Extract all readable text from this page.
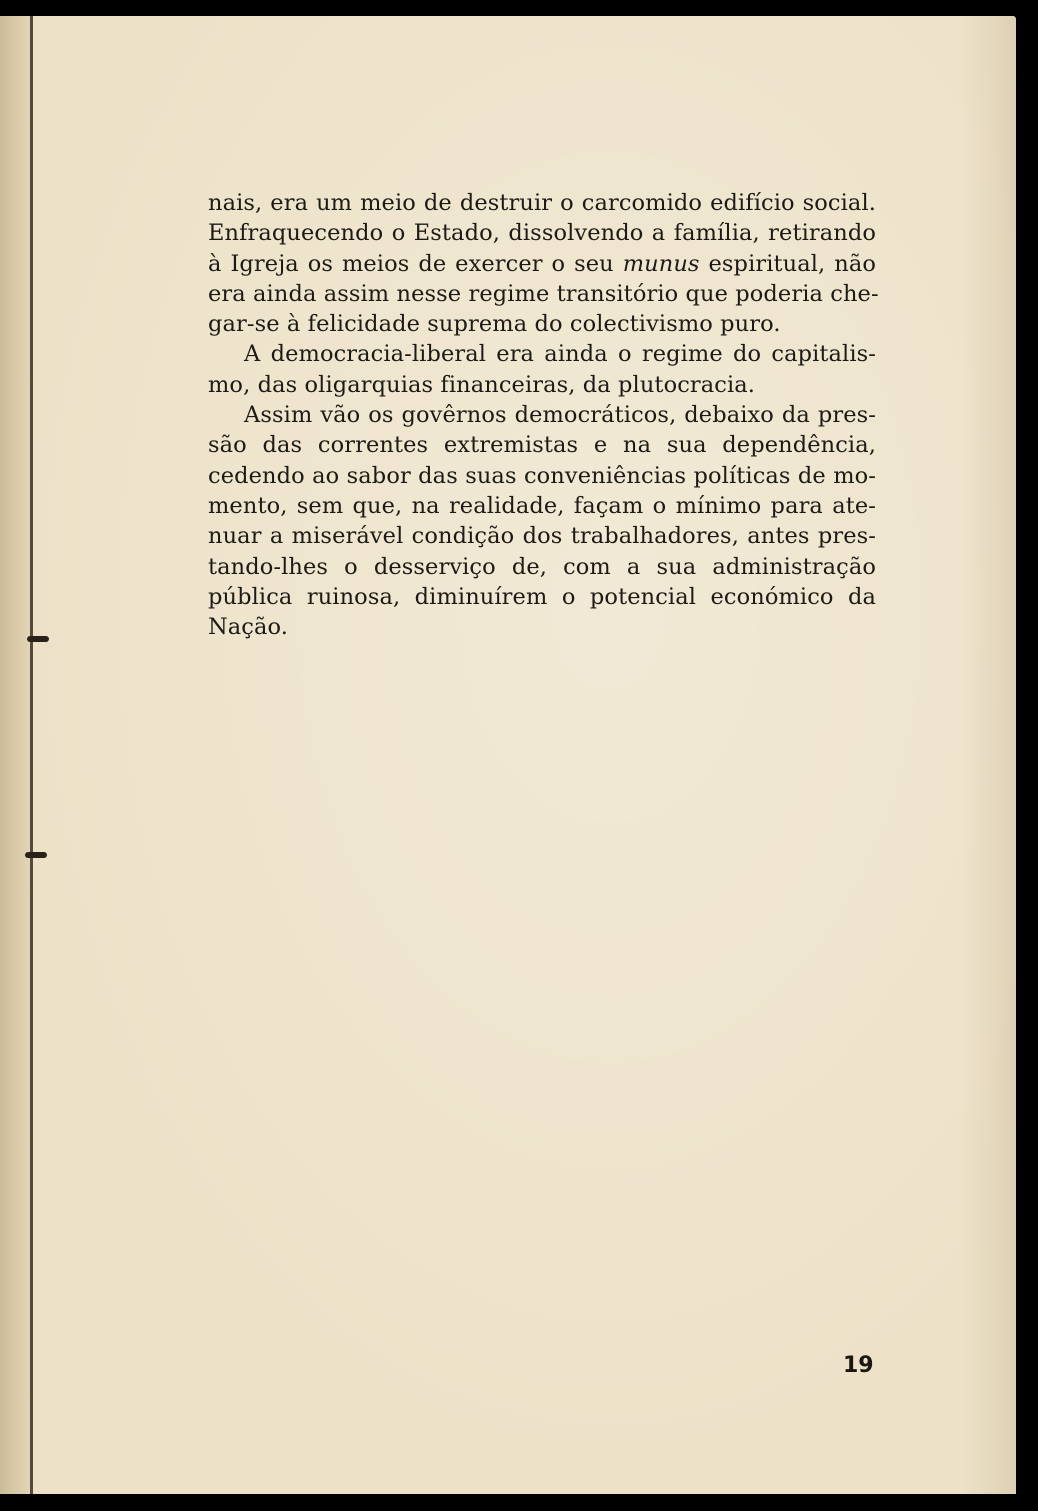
nais, era um meio de destruir o carcomido edifício social.
Enfraquecendo o Estado, dissolvendo a família, retirando
à Igreja os meios de exercer o seu munus espiritual, não
era ainda assim nesse regime transitório que poderia che-
gar-se à felicidade suprema do colectivismo puro.
A democracia-liberal era ainda o regime do capitalis-
mo, das oligarquias financeiras, da plutocracia.
Assim vão os govêrnos democráticos, debaixo da pres-
são das correntes extremistas e na sua dependência,
cedendo ao sabor das suas conveniências políticas de mo-
mento, sem que, na realidade, façam o mínimo para ate-
nuar a miserável condição dos trabalhadores, antes pres-
tando-lhes o desserviço de, com a sua administração
pública ruinosa, diminuírem o potencial económico da
Nação.
19
